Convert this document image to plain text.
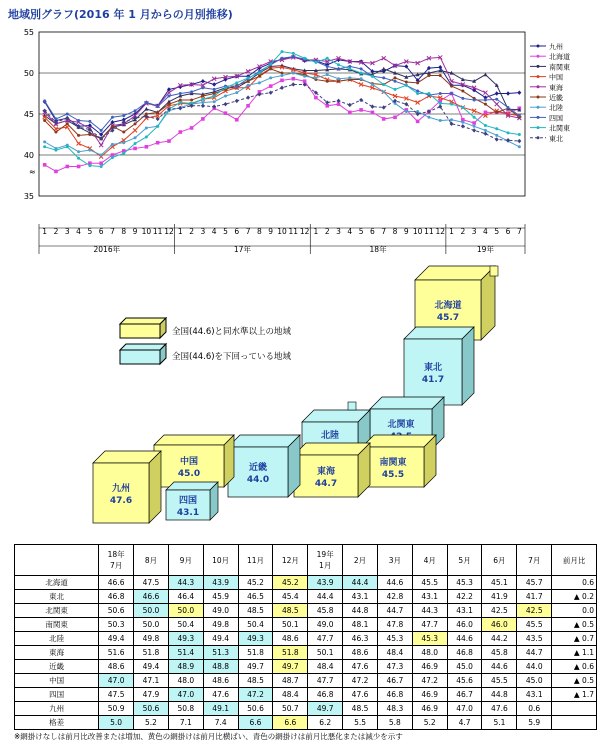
地域別グラフ(2016 年 1 月からの月別推移)
35
40
45
50
55
≈
1 2 3 4 5 6 7 8 9 10 11 12 1 2 3 4 5 6 7 8 9 10 11 12 1 2 3 4 5 6 7 8 9 10 11 12 1 2 3 4 5 6 7
2016年	17年	18年	19年
九州
北海道
南関東
中国
東海
近畿
北陸
四国
北関東
東北
全国(44.6)と同水準以上の地域
全国(44.6)を下回っている地域
北海道
45.7
東北
41.7
北関東
北陸
南関東
45.5
東海
44.7
近畿
44.0
中国
45.0
四国
43.1
九州
47.6
	18年
7月	8月	9月	10月	11月	12月	19年
1月	2月	3月	4月	5月	6月	7月	前月比
北海道	46.6	47.5	44.3	43.9	45.2	45.2	43.9	44.4	44.6	45.5	45.3	45.1	45.7	0.6
東北	46.8	46.6	46.4	45.9	46.5	45.4	44.4	43.1	42.8	43.1	42.2	41.9	41.7	▲ 0.2
北関東	50.6	50.0	50.0	49.0	48.5	48.5	45.8	44.8	44.7	44.3	43.1	42.5	42.5	0.0
南関東	50.3	50.0	50.4	49.8	50.4	50.1	49.0	48.1	47.8	47.7	46.0	46.0	45.5	▲ 0.5
北陸	49.4	49.8	49.3	49.4	49.3	48.6	47.7	46.3	45.3	45.3	44.6	44.2	43.5	▲ 0.7
東海	51.6	51.8	51.4	51.3	51.8	51.8	50.1	48.6	48.4	48.0	46.8	45.8	44.7	▲ 1.1
近畿	48.6	49.4	48.9	48.8	49.7	49.7	48.4	47.6	47.3	46.9	45.0	44.6	44.0	▲ 0.6
中国	47.0	47.1	48.0	48.6	48.5	48.7	47.7	47.2	46.7	47.2	45.6	45.5	45.0	▲ 0.5
四国	47.5	47.9	47.0	47.6	47.2	48.4	46.8	47.6	46.8	46.9	46.7	44.8	43.1	▲ 1.7
九州	50.9	50.6	50.8	49.1	50.6	50.7	49.7	48.5	48.3	46.9	47.0	47.6	0.6	
格差	5.0	5.2	7.1	7.4	6.6	6.6	6.2	5.5	5.8	5.2	4.7	5.1	5.9	
※網掛けなしは前月比改善または増加、黄色の網掛けは前月比横ばい、青色の網掛けは前月比悪化または減少を示す
